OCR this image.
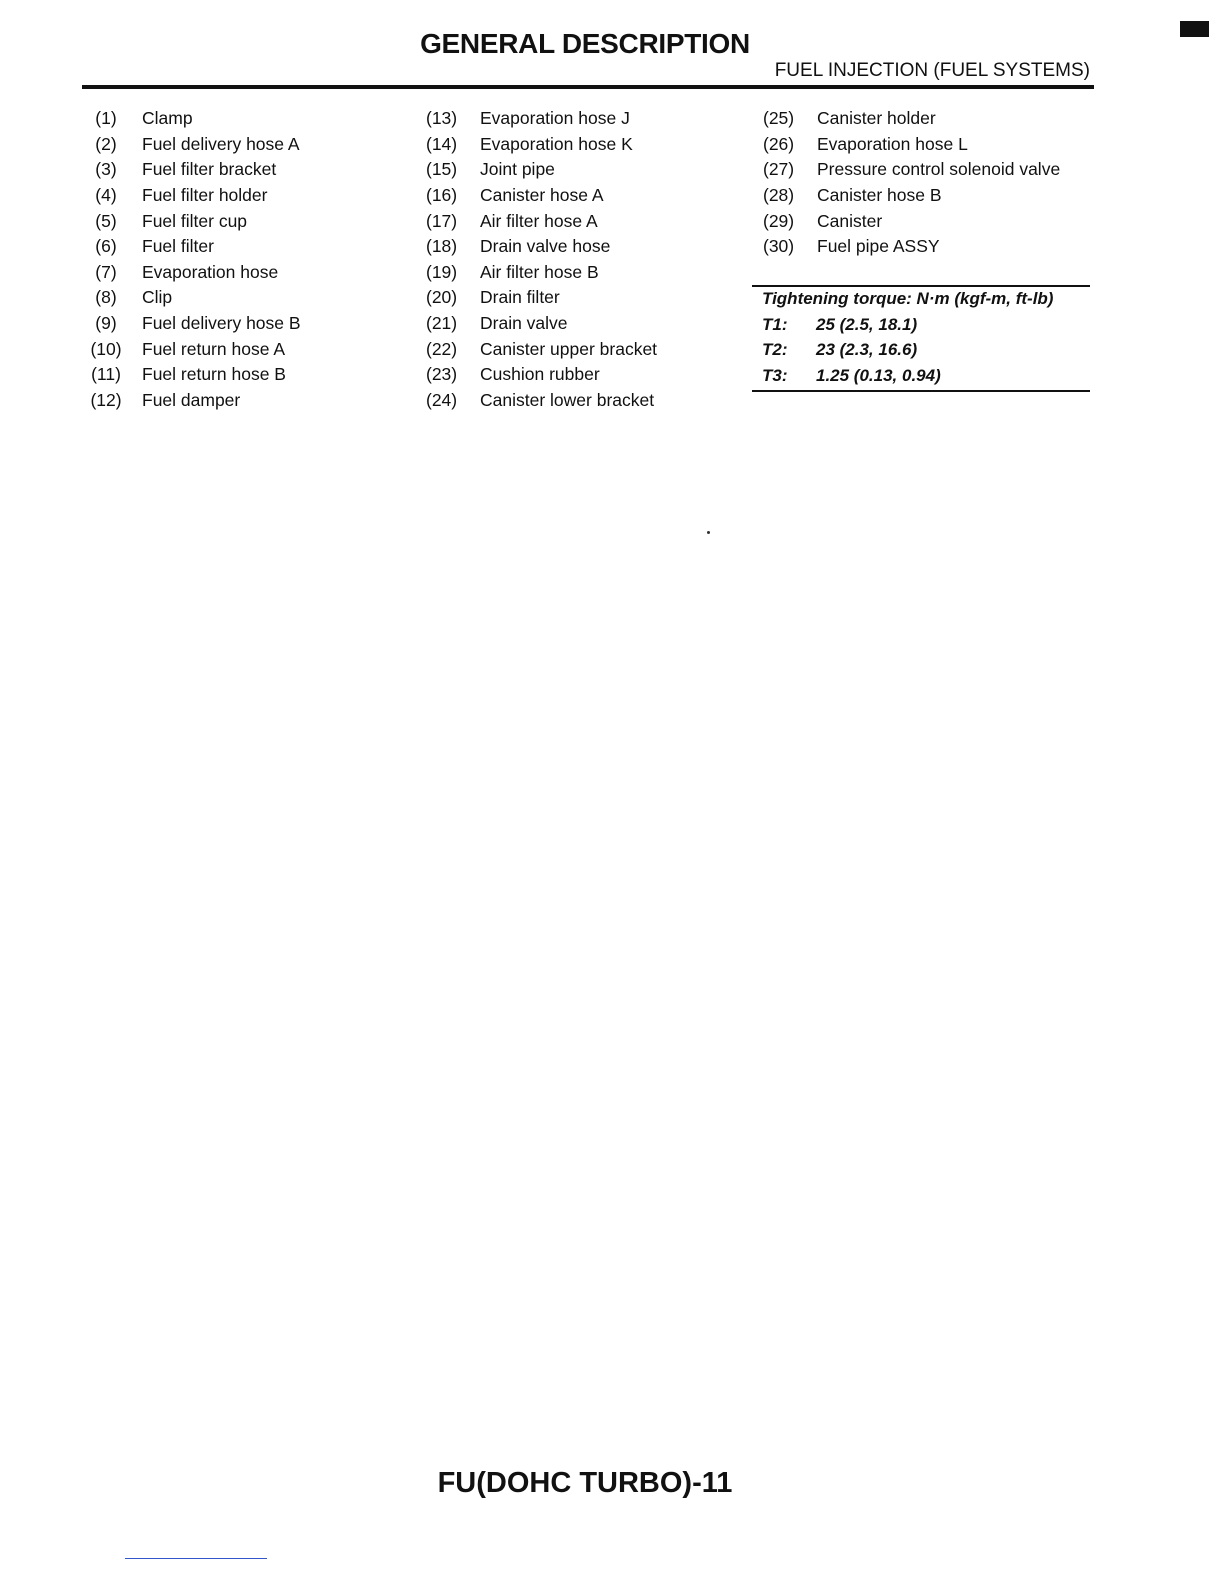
GENERAL DESCRIPTION
FUEL INJECTION (FUEL SYSTEMS)
(1)	Clamp
(2)	Fuel delivery hose A
(3)	Fuel filter bracket
(4)	Fuel filter holder
(5)	Fuel filter cup
(6)	Fuel filter
(7)	Evaporation hose
(8)	Clip
(9)	Fuel delivery hose B
(10) Fuel return hose A
(11) Fuel return hose B
(12) Fuel damper
(13)	Evaporation hose J
(14)	Evaporation hose K
(15)	Joint pipe
(16)	Canister hose A
(17)	Air filter hose A
(18)	Drain valve hose
(19)	Air filter hose B
(20)	Drain filter
(21)	Drain valve
(22)	Canister upper bracket
(23)	Cushion rubber
(24)	Canister lower bracket
(25)	Canister holder
(26)	Evaporation hose L
(27)	Pressure control solenoid valve
(28)	Canister hose B
(29)	Canister
(30)	Fuel pipe ASSY
Tightening torque: N·m (kgf-m, ft-lb)
T1:	25 (2.5, 18.1)
T2:	23 (2.3, 16.6)
T3:	1.25 (0.13, 0.94)
FU(DOHC TURBO)-11
